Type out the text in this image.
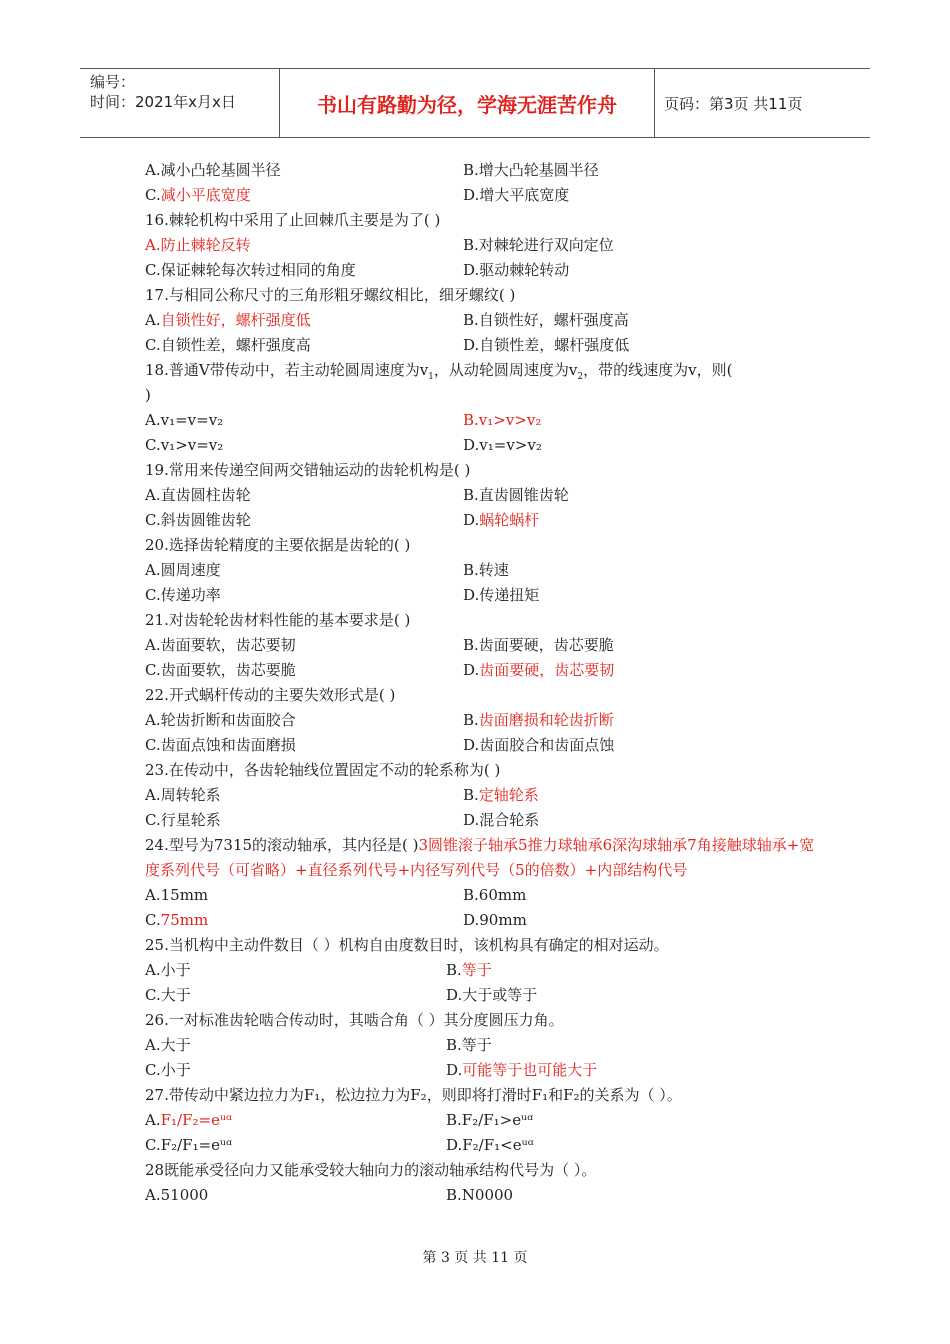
编号：
时间：2021年x月x日	书山有路勤为径，学海无涯苦作舟	页码：第3页 共11页
A.减小凸轮基圆半径	B.增大凸轮基圆半径
C.减小平底宽度	D.增大平底宽度
16.棘轮机构中采用了止回棘爪主要是为了( )
A.防止棘轮反转	B.对棘轮进行双向定位
C.保证棘轮每次转过相同的角度	D.驱动棘轮转动
17.与相同公称尺寸的三角形粗牙螺纹相比，细牙螺纹( )
A.自锁性好，螺杆强度低	B.自锁性好，螺杆强度高
C.自锁性差，螺杆强度高	D.自锁性差，螺杆强度低
18.普通V带传动中，若主动轮圆周速度为$v_1$，从动轮圆周速度为$v_2$，带的线速度为v，则(
)
A.v₁=v=v₂	B.v₁>v>v₂
C.v₁>v=v₂	D.v₁=v>v₂
19.常用来传递空间两交错轴运动的齿轮机构是( )
A.直齿圆柱齿轮	B.直齿圆锥齿轮
C.斜齿圆锥齿轮	D.蜗轮蜗杆
20.选择齿轮精度的主要依据是齿轮的( )
A.圆周速度	B.转速
C.传递功率	D.传递扭矩
21.对齿轮轮齿材料性能的基本要求是( )
A.齿面要软，齿芯要韧	B.齿面要硬，齿芯要脆
C.齿面要软，齿芯要脆	D.齿面要硬，齿芯要韧
22.开式蜗杆传动的主要失效形式是( )
A.轮齿折断和齿面胶合	B.齿面磨损和轮齿折断
C.齿面点蚀和齿面磨损	D.齿面胶合和齿面点蚀
23.在传动中，各齿轮轴线位置固定不动的轮系称为( )
A.周转轮系	B.定轴轮系
C.行星轮系	D.混合轮系
24.型号为7315的滚动轴承，其内径是( )3圆锥滚子轴承5推力球轴承6深沟球轴承7角接触球轴承+宽度系列代号（可省略）+直径系列代号+内径写列代号（5的倍数）+内部结构代号
A.15mm	B.60mm
C.75mm	D.90mm
25.当机构中主动件数目（ ）机构自由度数目时，该机构具有确定的相对运动。
A.小于	B.等于
C.大于	D.大于或等于
26.一对标准齿轮啮合传动时，其啮合角（ ）其分度圆压力角。
A.大于	B.等于
C.小于	D.可能等于也可能大于
27.带传动中紧边拉力为F₁，松边拉力为F₂，则即将打滑时F₁和F₂的关系为（ ）。
A.F₁/F₂=eᵘᵅ	B.F₂/F₁>eᵘᵅ
C.F₂/F₁=eᵘᵅ	D.F₂/F₁<eᵘᵅ
28既能承受径向力又能承受较大轴向力的滚动轴承结构代号为（ ）。
A.51000	B.N0000
第 3 页 共 11 页
